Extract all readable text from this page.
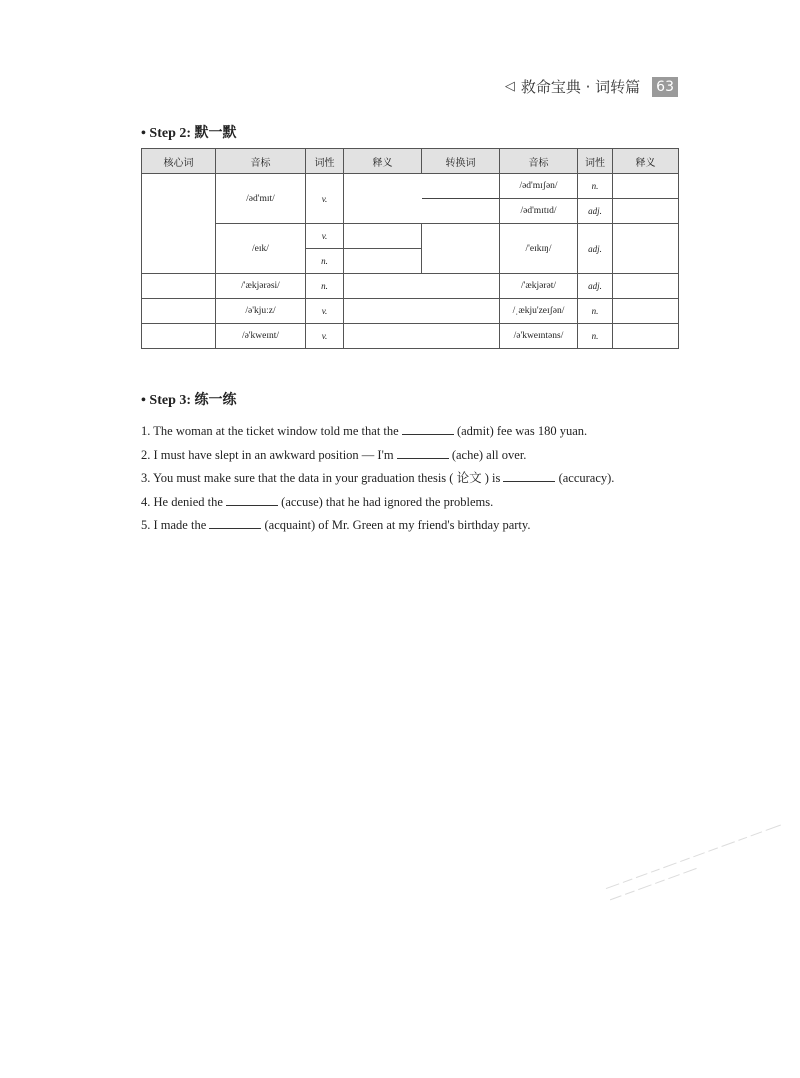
◁ 救命宝典 · 词转篇 63
• Step 2: 默一默
核心词	音标	词性	释义	转换词	音标	词性	释义
	/əd'mɪt/	v.			/əd'mɪʃən/	n.	
					/əd'mɪtɪd/	adj.	
	/eɪk/	v.			/'eɪkɪŋ/	adj.	
		n.					
	/'ækjərəsi/	n.			/'ækjərət/	adj.	
	/ə'kjuːz/	v.			/ˌækju'zeɪʃən/	n.	
	/ə'kweɪnt/	v.			/ə'kweɪntəns/	n.	
• Step 3: 练一练
1. The woman at the ticket window told me that the	(admit) fee was 180 yuan.
2. I must have slept in an awkward position — I'm	(ache) all over.
3. You must make sure that the data in your graduation thesis ( 论文 ) is	(accuracy).
4. He denied the	(accuse) that he had ignored the problems.
5. I made the	(acquaint) of Mr. Green at my friend's birthday party.
